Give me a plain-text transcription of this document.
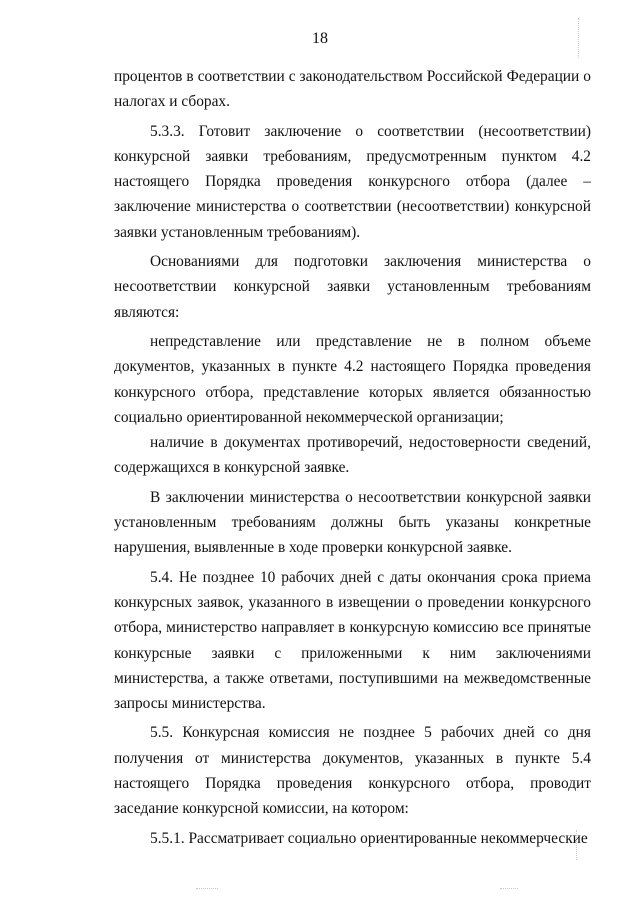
18

процентов в соответствии с законодательством Российской Федерации о налогах и сборах.

5.3.3. Готовит заключение о соответствии (несоответствии) конкурсной заявки требованиям, предусмотренным пунктом 4.2 настоящего Порядка проведения конкурсного отбора (далее – заключение министерства о соответствии (несоответствии) конкурсной заявки установленным требованиям).

Основаниями для подготовки заключения министерства о несоответствии конкурсной заявки установленным требованиям являются:

непредставление или представление не в полном объеме документов, указанных в пункте 4.2 настоящего Порядка проведения конкурсного отбора, представление которых является обязанностью социально ориентированной некоммерческой организации;

наличие в документах противоречий, недостоверности сведений, содержащихся в конкурсной заявке.

В заключении министерства о несоответствии конкурсной заявки установленным требованиям должны быть указаны конкретные нарушения, выявленные в ходе проверки конкурсной заявке.

5.4. Не позднее 10 рабочих дней с даты окончания срока приема конкурсных заявок, указанного в извещении о проведении конкурсного отбора, министерство направляет в конкурсную комиссию все принятые конкурсные заявки с приложенными к ним заключениями министерства, а также ответами, поступившими на межведомственные запросы министерства.

5.5. Конкурсная комиссия не позднее 5 рабочих дней со дня получения от министерства документов, указанных в пункте 5.4 настоящего Порядка проведения конкурсного отбора, проводит заседание конкурсной комиссии, на котором:

5.5.1. Рассматривает социально ориентированные некоммерческие
